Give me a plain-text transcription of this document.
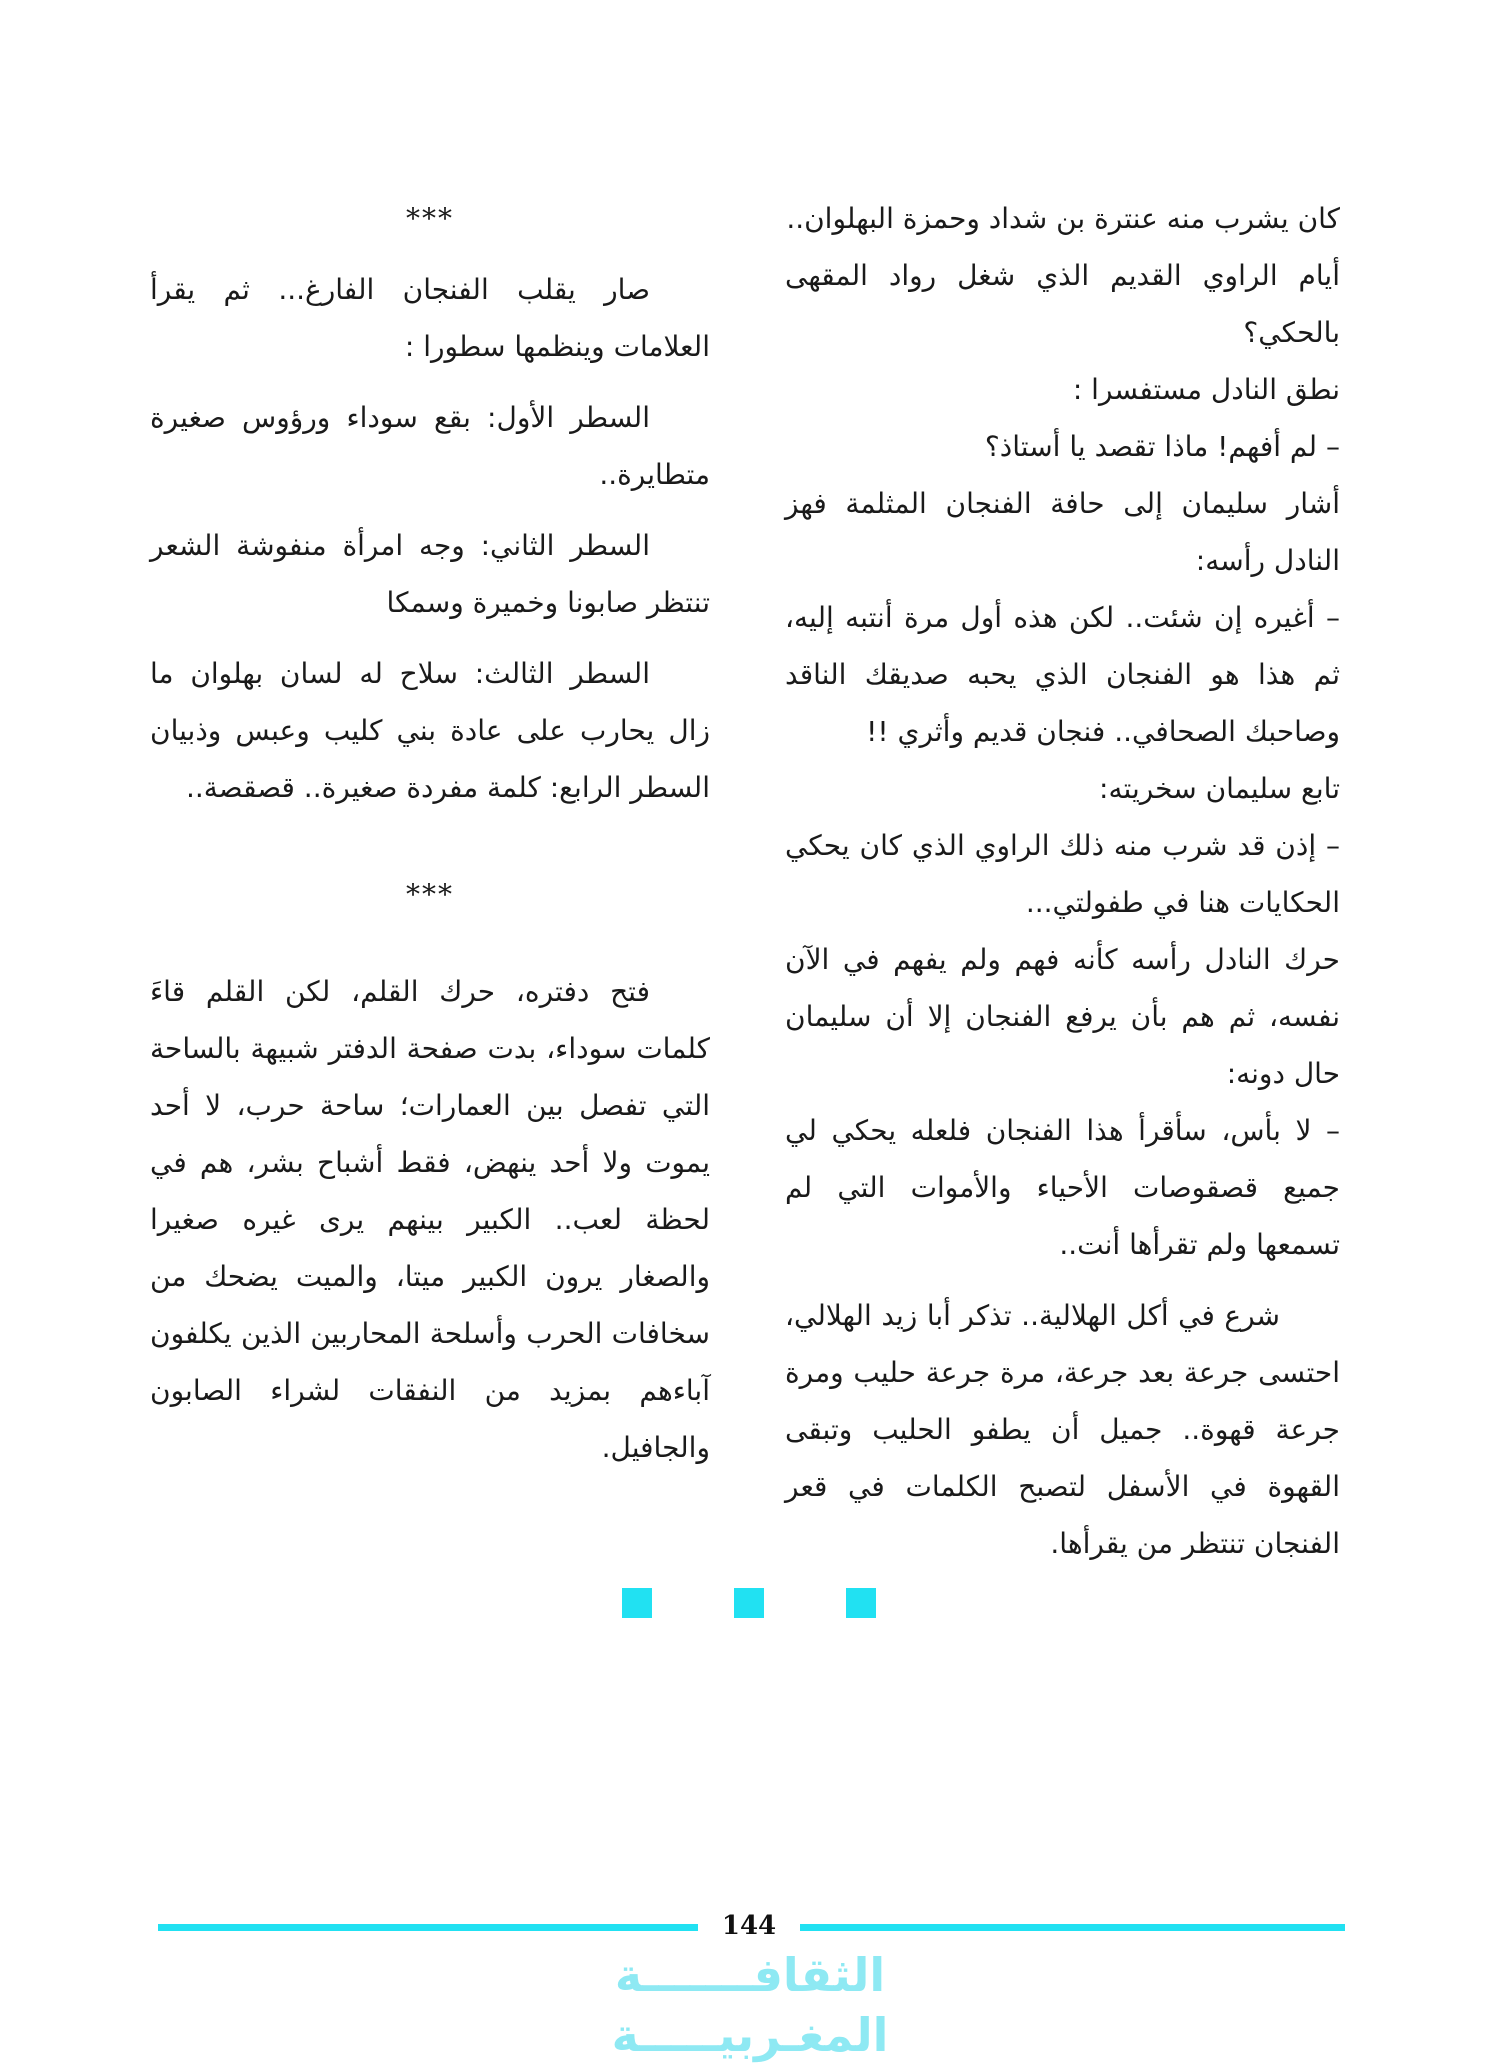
كان يشرب منه عنترة بن شداد وحمزة البهلوان..

أيام الراوي القديم الذي شغل رواد المقهى بالحكي؟

نطق النادل مستفسرا :

– لم أفهم! ماذا تقصد يا أستاذ؟

أشار سليمان إلى حافة الفنجان المثلمة فهز النادل رأسه:

– أغيره إن شئت.. لكن هذه أول مرة أنتبه إليه، ثم هذا هو الفنجان الذي يحبه صديقك الناقد وصاحبك الصحافي.. فنجان قديم وأثري !!

تابع سليمان سخريته:

– إذن قد شرب منه ذلك الراوي الذي كان يحكي الحكايات هنا في طفولتي...

حرك النادل رأسه كأنه فهم ولم يفهم في الآن نفسه، ثم هم بأن يرفع الفنجان إلا أن سليمان حال دونه:

– لا بأس، سأقرأ هذا الفنجان فلعله يحكي لي جميع قصقوصات الأحياء والأموات التي لم تسمعها ولم تقرأها أنت..

شرع في أكل الهلالية.. تذكر أبا زيد الهلالي، احتسى جرعة بعد جرعة، مرة جرعة حليب ومرة جرعة قهوة.. جميل أن يطفو الحليب وتبقى القهوة في الأسفل لتصبح الكلمات في قعر الفنجان تنتظر من يقرأها.

***

صار يقلب الفنجان الفارغ... ثم يقرأ العلامات وينظمها سطورا :

السطر الأول: بقع سوداء ورؤوس صغيرة متطايرة..

السطر الثاني: وجه امرأة منفوشة الشعر تنتظر صابونا وخميرة وسمكا

السطر الثالث: سلاح له لسان بهلوان ما زال يحارب على عادة بني كليب وعبس وذبيان السطر الرابع: كلمة مفردة صغيرة.. قصقصة..

***

فتح دفتره، حرك القلم، لكن القلم قاءَ كلمات سوداء، بدت صفحة الدفتر شبيهة بالساحة التي تفصل بين العمارات؛ ساحة حرب، لا أحد يموت ولا أحد ينهض، فقط أشباح بشر، هم في لحظة لعب.. الكبير بينهم يرى غيره صغيرا والصغار يرون الكبير ميتا، والميت يضحك من سخافات الحرب وأسلحة المحاربين الذين يكلفون آباءهم بمزيد من النفقات لشراء الصابون والجافيل.

144
الثقافـــــــة المغـربيـــــة
